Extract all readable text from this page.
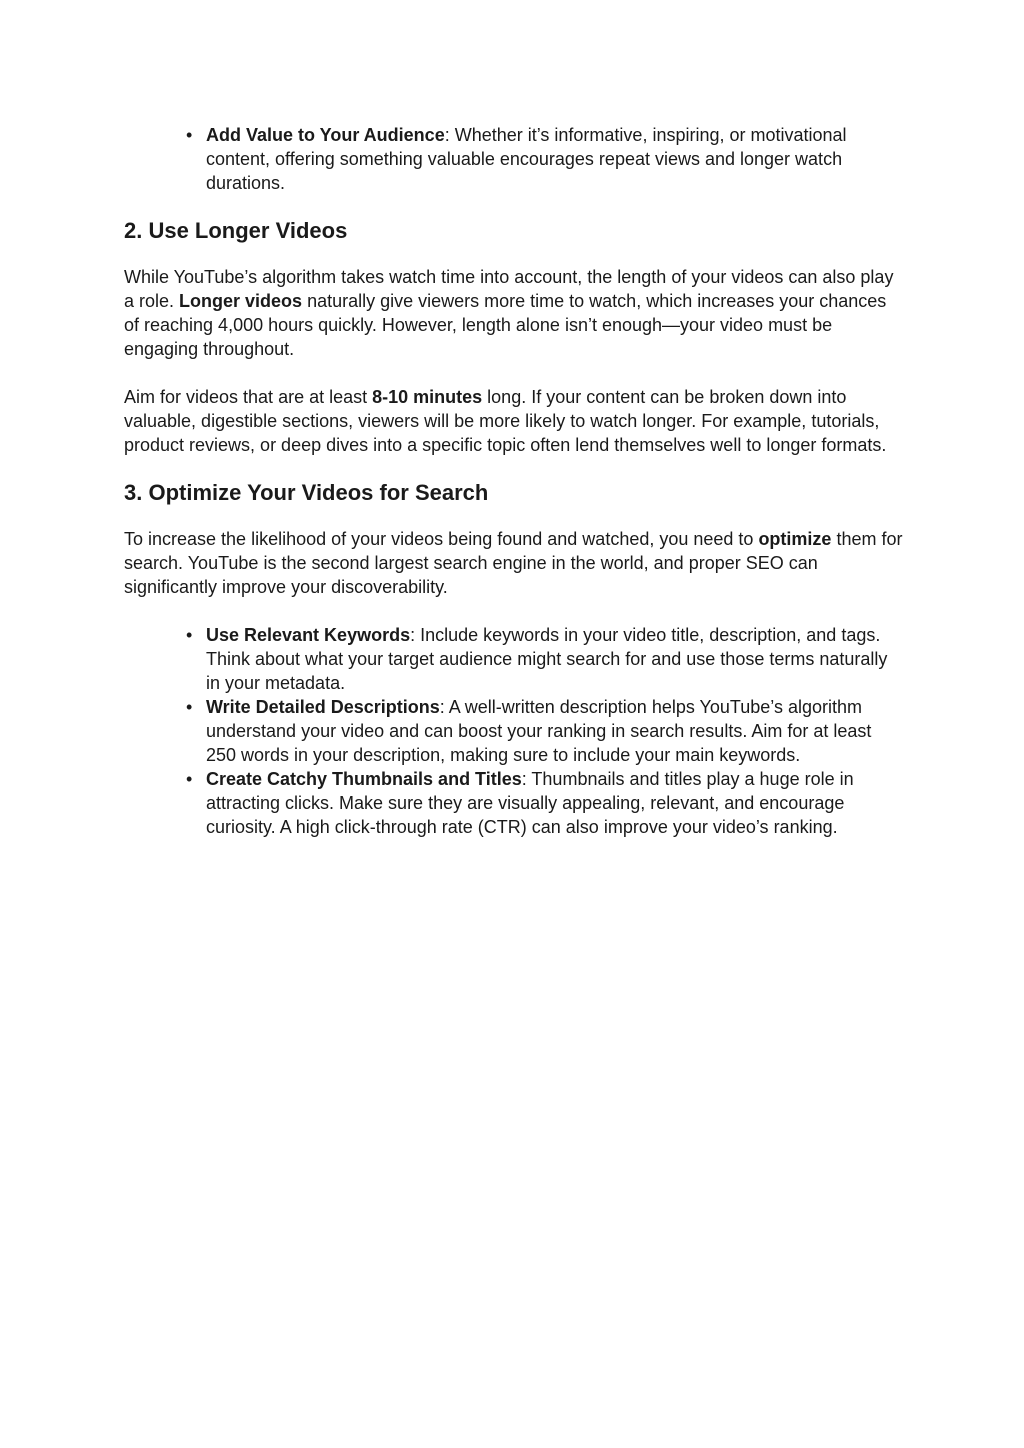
• Add Value to Your Audience: Whether it’s informative, inspiring, or motivational content, offering something valuable encourages repeat views and longer watch durations.
2. Use Longer Videos

While YouTube’s algorithm takes watch time into account, the length of your videos can also play a role. Longer videos naturally give viewers more time to watch, which increases your chances of reaching 4,000 hours quickly. However, length alone isn’t enough—your video must be engaging throughout.

Aim for videos that are at least 8-10 minutes long. If your content can be broken down into valuable, digestible sections, viewers will be more likely to watch longer. For example, tutorials, product reviews, or deep dives into a specific topic often lend themselves well to longer formats.

3. Optimize Your Videos for Search

To increase the likelihood of your videos being found and watched, you need to optimize them for search. YouTube is the second largest search engine in the world, and proper SEO can significantly improve your discoverability.

• Use Relevant Keywords: Include keywords in your video title, description, and tags. Think about what your target audience might search for and use those terms naturally in your metadata.
• Write Detailed Descriptions: A well-written description helps YouTube’s algorithm understand your video and can boost your ranking in search results. Aim for at least 250 words in your description, making sure to include your main keywords.
• Create Catchy Thumbnails and Titles: Thumbnails and titles play a huge role in attracting clicks. Make sure they are visually appealing, relevant, and encourage curiosity. A high click-through rate (CTR) can also improve your video’s ranking.
